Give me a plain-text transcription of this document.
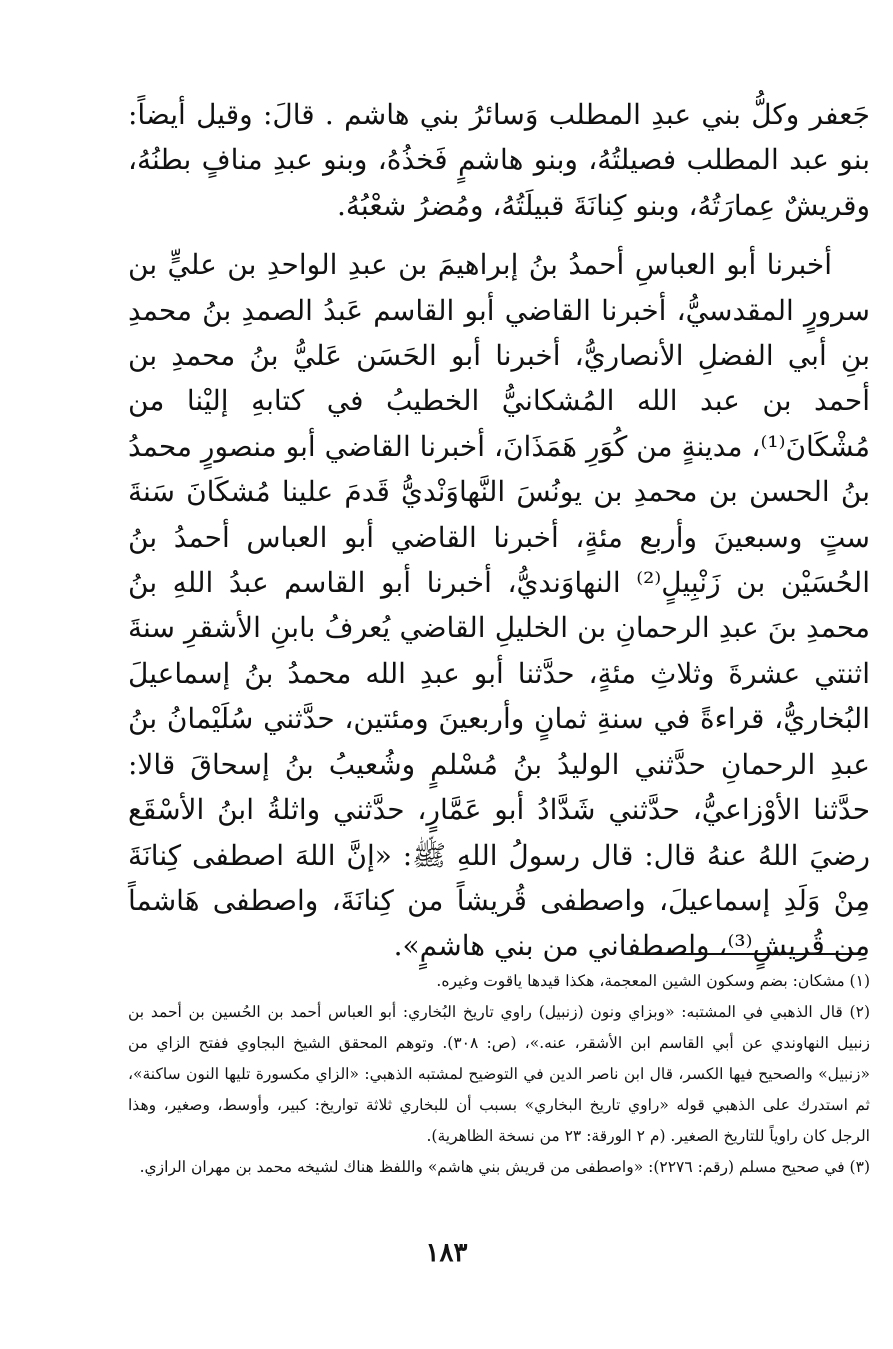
جَعفر وكلُّ بني عبدِ المطلب وَسائرُ بني هاشم . قالَ: وقيل أيضاً: بنو عبد المطلب فصيلتُهُ، وبنو هاشمٍ فَخذُهُ، وبنو عبدِ منافٍ بطنُهُ، وقريشٌ عِمارَتُهُ، وبنو كِنانَةَ قبيلَتُهُ، ومُضرُ شعْبُهُ.

أخبرنا أبو العباسِ أحمدُ بنُ إبراهيمَ بن عبدِ الواحدِ بن عليٍّ بن سرورٍ المقدسيُّ، أخبرنا القاضي أبو القاسم عَبدُ الصمدِ بنُ محمدِ بنِ أبي الفضلِ الأنصاريُّ، أخبرنا أبو الحَسَن عَليُّ بنُ محمدِ بن أحمد بن عبد الله المُشكانيُّ الخطيبُ في كتابهِ إليْنا من مُشْكَانَ⁽¹⁾، مدينةٍ من كُوَرِ هَمَذَانَ، أخبرنا القاضي أبو منصورٍ محمدُ بنُ الحسن بن محمدِ بن يونُسَ النَّهاوَنْديُّ قَدمَ علينا مُشكَانَ سَنةَ ستٍ وسبعينَ وأربع مئةٍ، أخبرنا القاضي أبو العباس أحمدُ بنُ الحُسَيْن بن زَنْبِيلٍ⁽²⁾ النهاوَنديُّ، أخبرنا أبو القاسم عبدُ اللهِ بنُ محمدِ بنَ عبدِ الرحمانِ بن الخليلِ القاضي يُعرفُ بابنِ الأشقرِ سنةَ اثنتي عشرةَ وثلاثِ مئةٍ، حدَّثنا أبو عبدِ الله محمدُ بنُ إسماعيلَ البُخاريُّ، قراءةً في سنةِ ثمانٍ وأربعينَ ومئتين، حدَّثني سُلَيْمانُ بنُ عبدِ الرحمانِ حدَّثني الوليدُ بنُ مُسْلمٍ وشُعيبُ بنُ إسحاقَ قالا: حدَّثنا الأوْزاعيُّ، حدَّثني شَدَّادُ أبو عَمَّارٍ، حدَّثني واثلةُ ابنُ الأسْقَع رضيَ اللهُ عنهُ قال: قال رسولُ اللهِ ﷺ: «إنَّ اللهَ اصطفى كِنانَةَ مِنْ وَلَدِ إسماعيلَ، واصطفى قُريشاً من كِنانَةَ، واصطفى هَاشماً مِن قُريشٍ⁽³⁾، واصطفاني من بني هاشمٍ».

(١) مشكان: بضم وسكون الشين المعجمة، هكذا قيدها ياقوت وغيره.

(٢) قال الذهبي في المشتبه: «وبزاي ونون (زنبيل) راوي تاريخ البُخاري: أبو العباس أحمد بن الحُسين بن أحمد بن زنبيل النهاوندي عن أبي القاسم ابن الأشقر، عنه.»، (ص: ٣٠٨). وتوهم المحقق الشيخ البجاوي ففتح الزاي من «زنبيل» والصحيح فيها الكسر، قال ابن ناصر الدين في التوضيح لمشتبه الذهبي: «الزاي مكسورة تليها النون ساكنة»، ثم استدرك على الذهبي قوله «راوي تاريخ البخاري» بسبب أن للبخاري ثلاثة تواريخ: كبير، وأوسط، وصغير، وهذا الرجل كان راوياً للتاريخ الصغير. (م ٢ الورقة: ٢٣ من نسخة الظاهرية).

(٣) في صحيح مسلم (رقم: ٢٢٧٦): «واصطفى من قريش بني هاشم» واللفظ هناك لشيخه محمد بن مهران الرازي.

١٨٣
